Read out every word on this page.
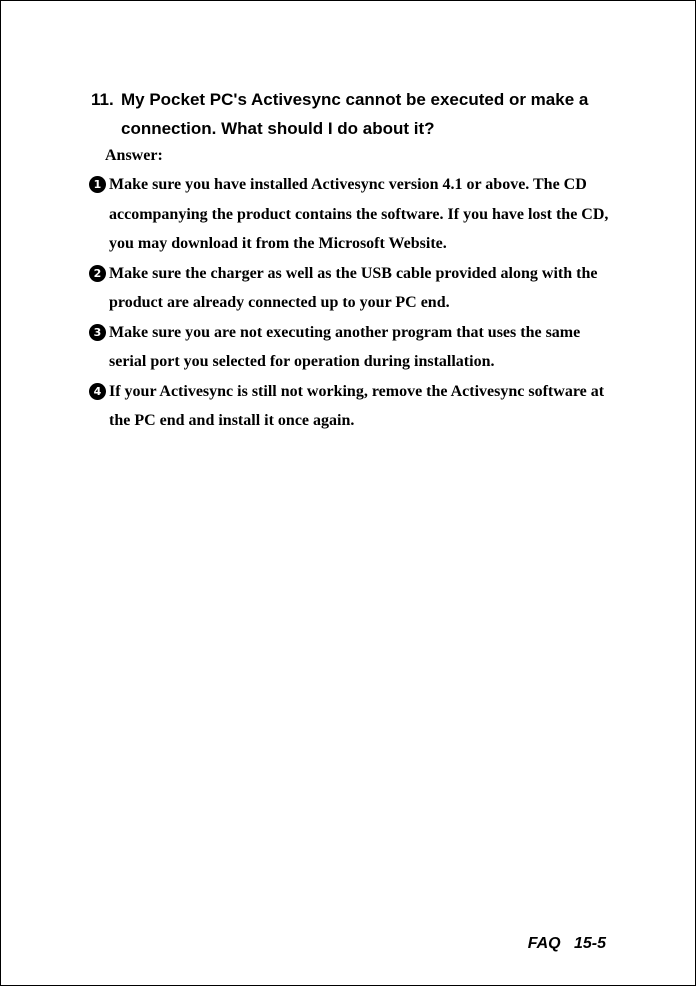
11. My Pocket PC's Activesync cannot be executed or make a connection. What should I do about it?
Answer:
1 Make sure you have installed Activesync version 4.1 or above. The CD accompanying the product contains the software. If you have lost the CD, you may download it from the Microsoft Website.
2 Make sure the charger as well as the USB cable provided along with the product are already connected up to your PC end.
3 Make sure you are not executing another program that uses the same serial port you selected for operation during installation.
4 If your Activesync is still not working, remove the Activesync software at the PC end and install it once again.
FAQ 15-5
